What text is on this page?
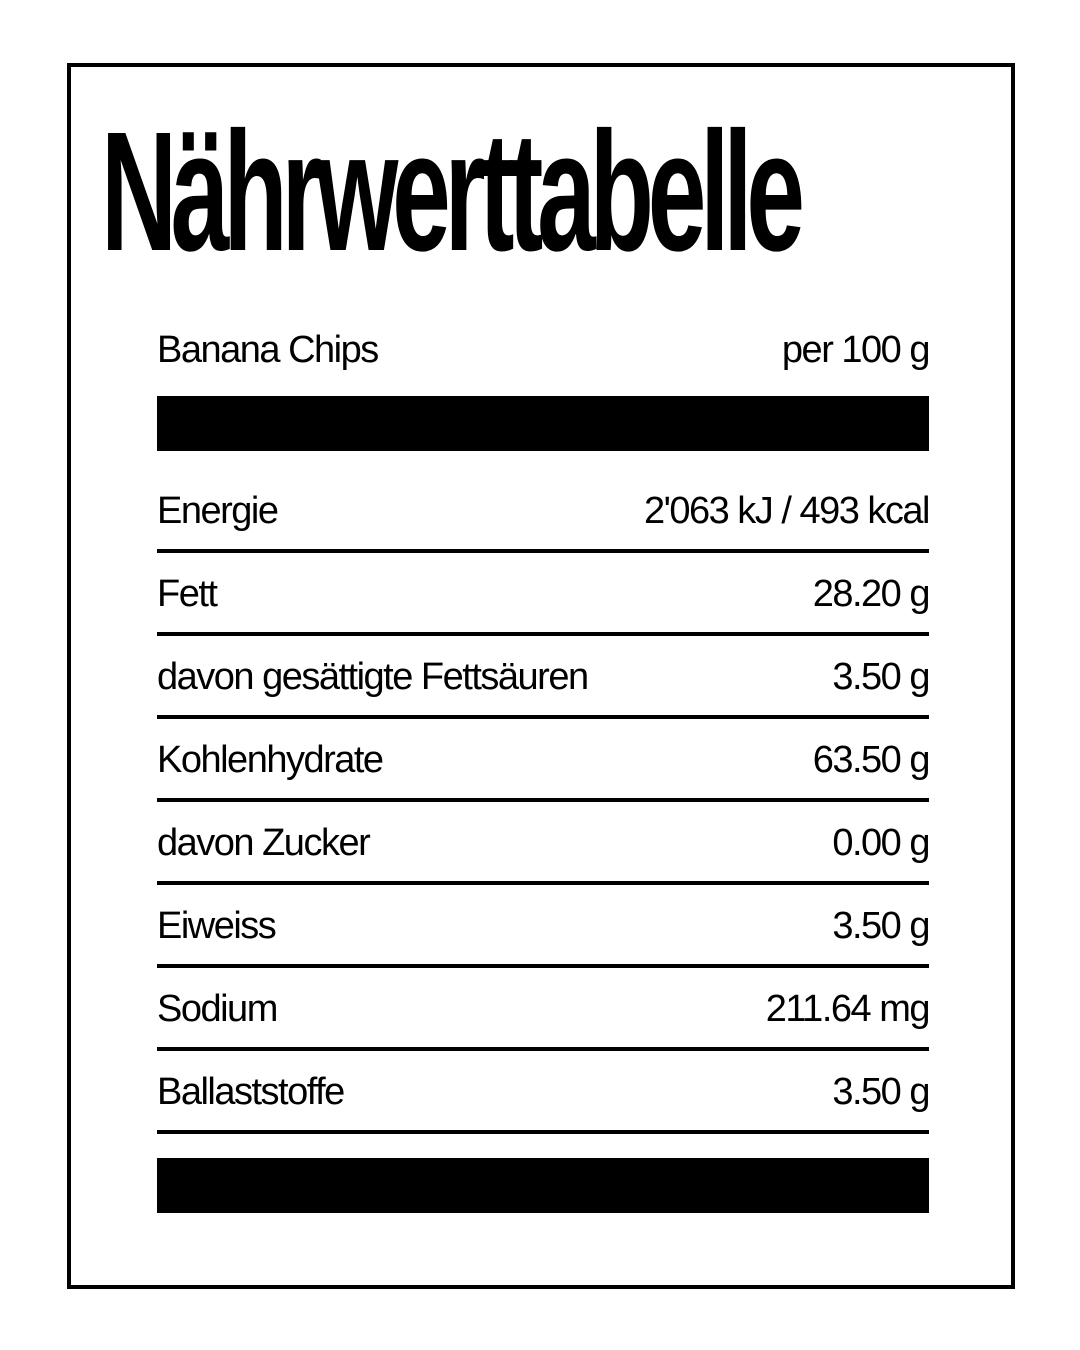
Nährwerttabelle
Banana Chips	per 100 g
Energie	2'063 kJ / 493 kcal
Fett	28.20 g
davon gesättigte Fettsäuren	3.50 g
Kohlenhydrate	63.50 g
davon Zucker	0.00 g
Eiweiss	3.50 g
Sodium	211.64 mg
Ballaststoffe	3.50 g
